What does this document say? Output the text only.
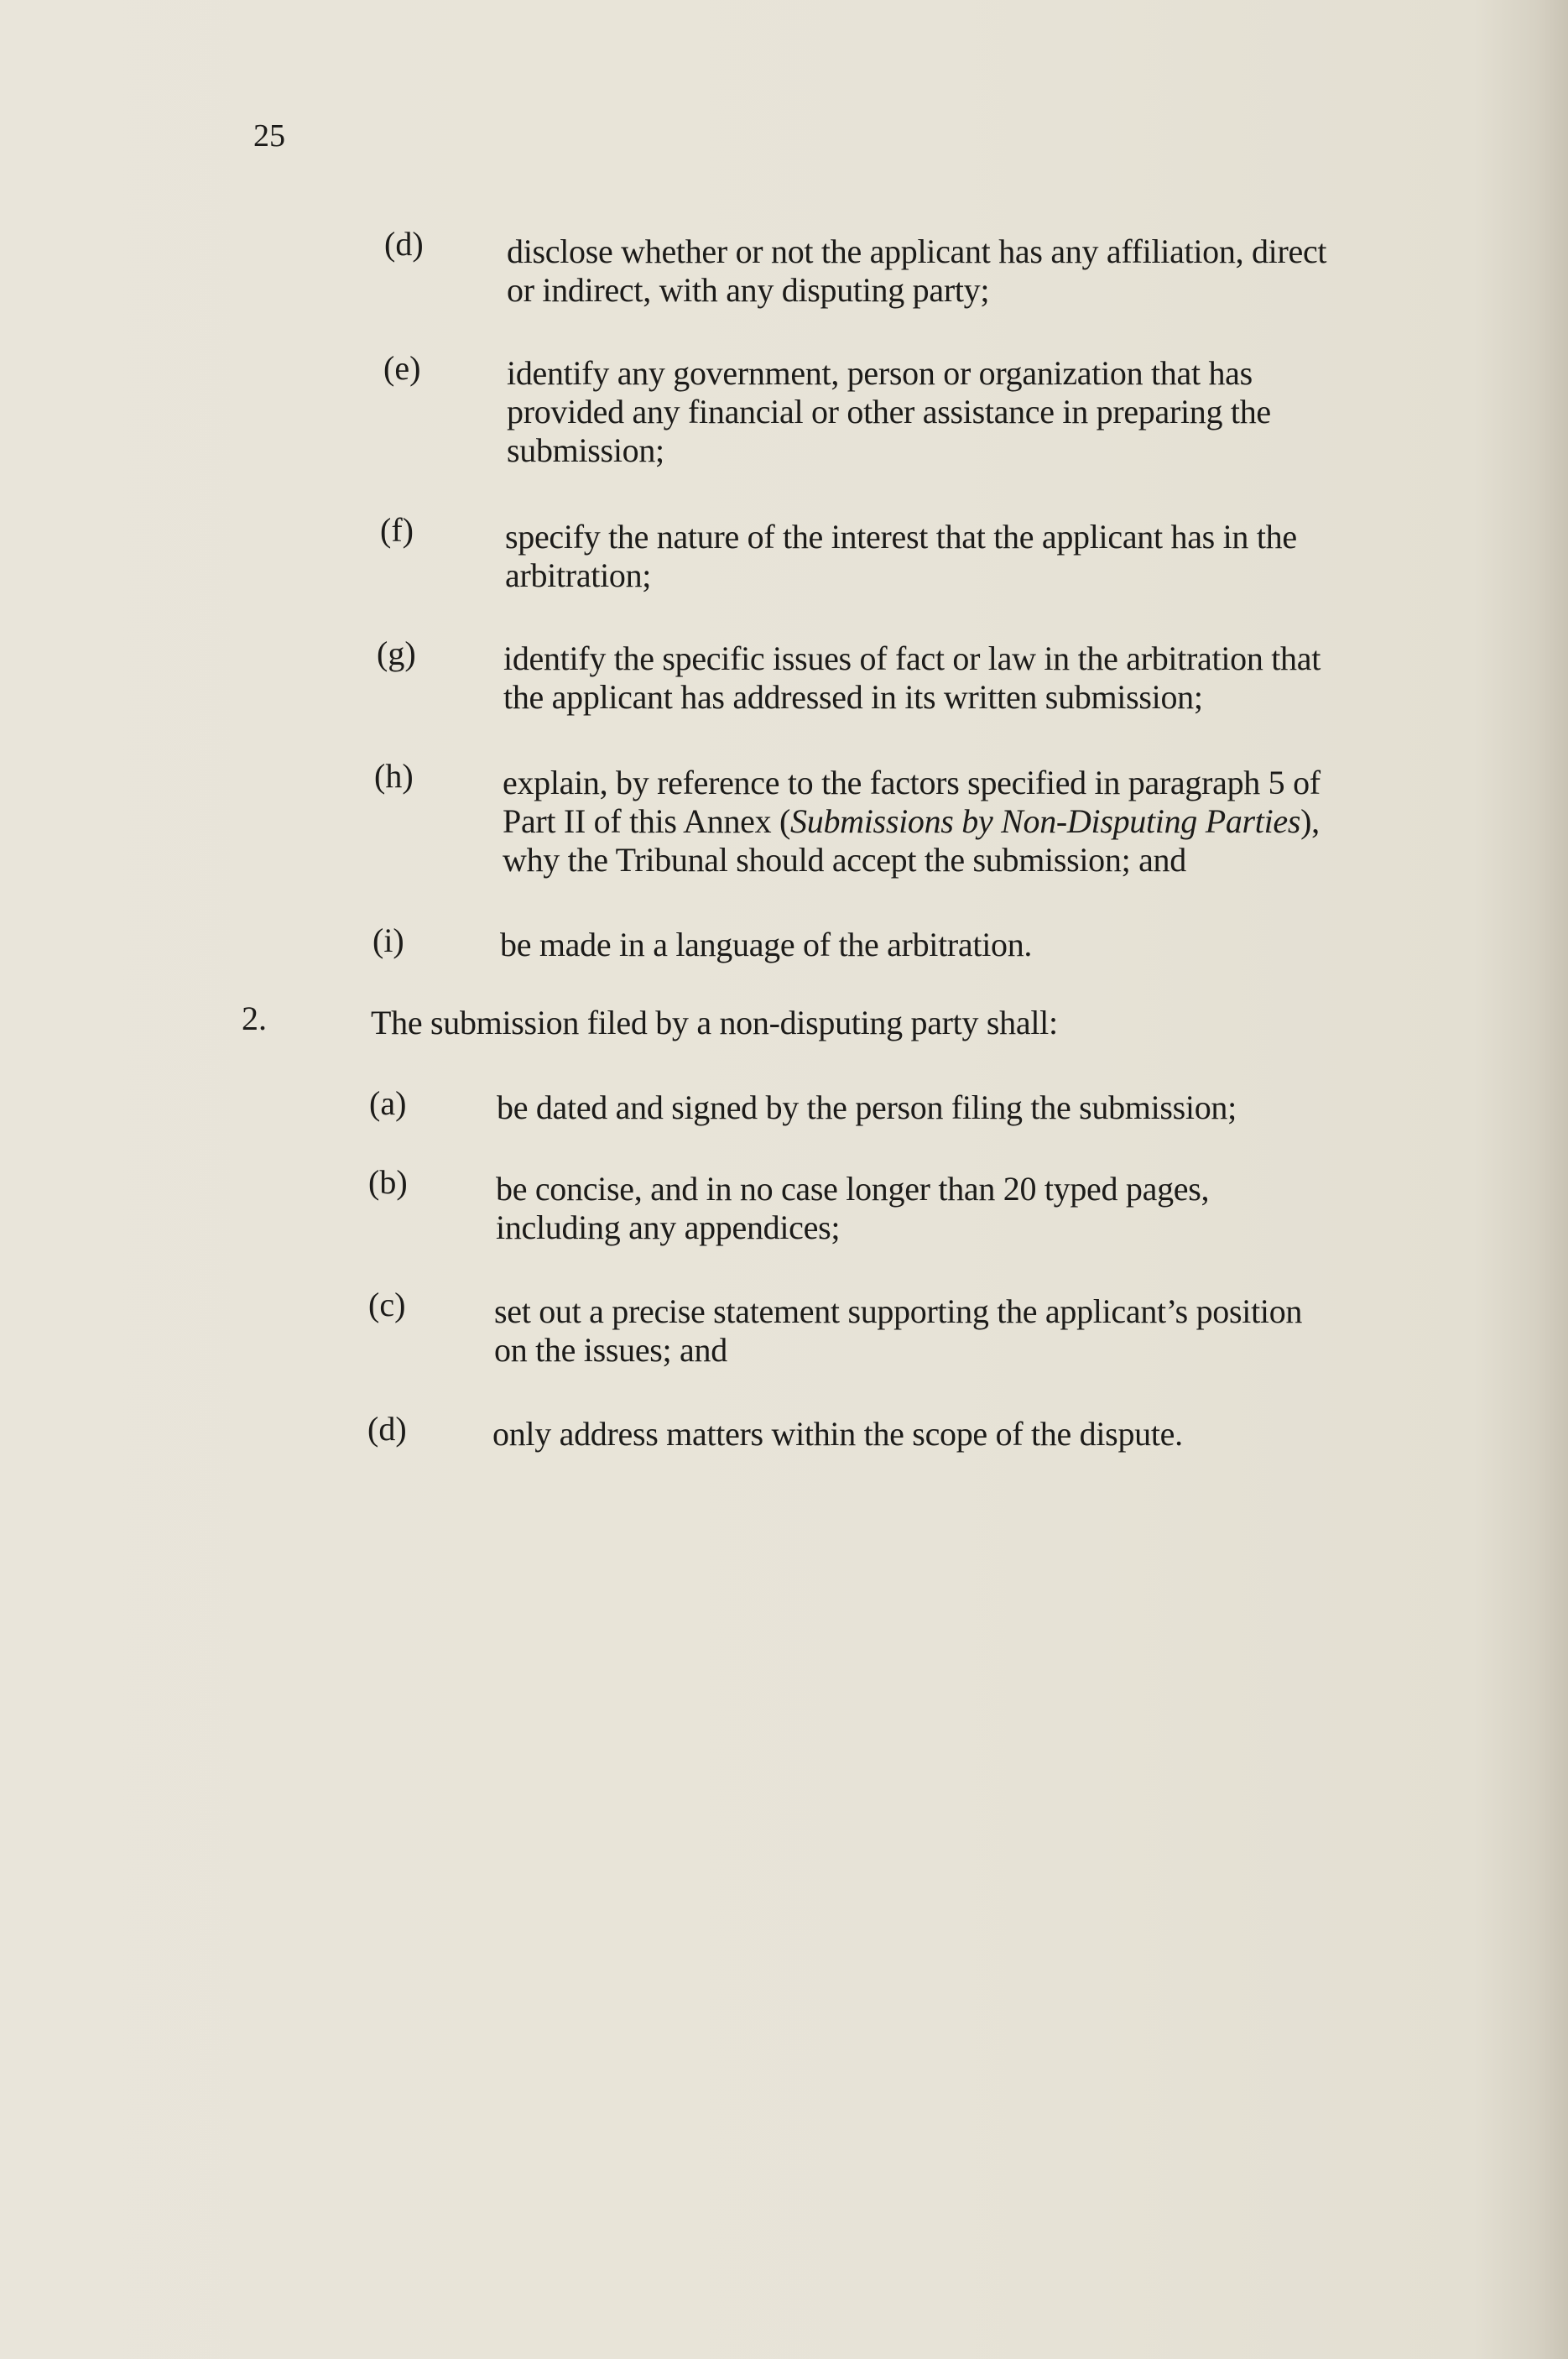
25
(d) disclose whether or not the applicant has any affiliation, direct
or indirect, with any disputing party;
(e)	identify any government, person or organization that has
provided any financial or other assistance in preparing the
submission;
(f)	specify the nature of the interest that the applicant has in the
arbitration;
(g)	identify the specific issues of fact or law in the arbitration that
the applicant has addressed in its written submission;
(h)	explain, by reference to the factors specified in paragraph 5 of
Part II of this Annex (Submissions by Non-Disputing Parties),
why the Tribunal should accept the submission; and
(i)	be made in a language of the arbitration.
2.	The submission filed by a non-disputing party shall:
(a)	be dated and signed by the person filing the submission;
(b)	be concise, and in no case longer than 20 typed pages,
including any appendices;
(c)	set out a precise statement supporting the applicant’s position
on the issues; and
(d)	only address matters within the scope of the dispute.
